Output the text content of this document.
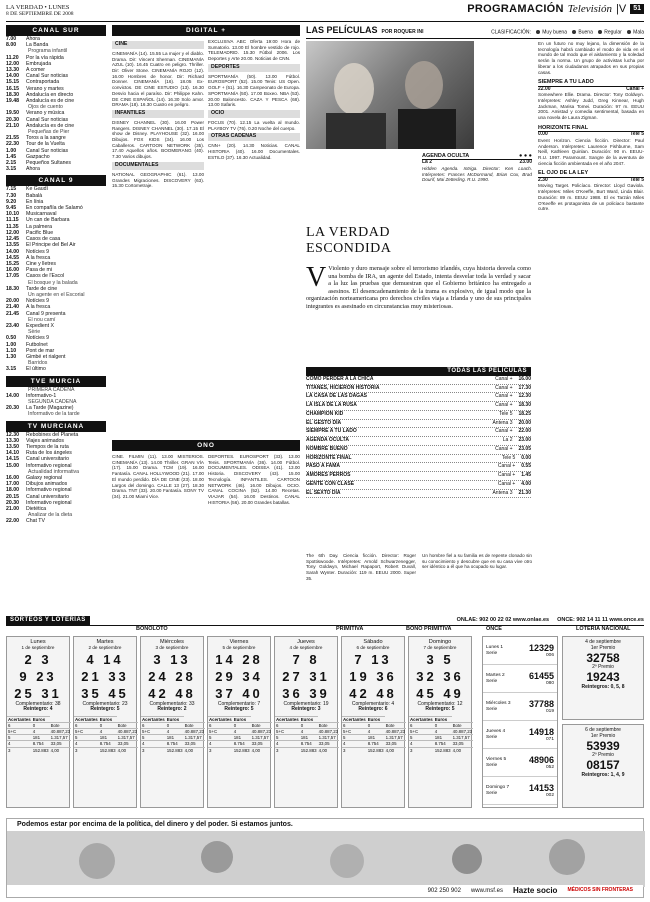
LA VERDAD • LUNES
8 DE SEPTIEMBRE DE 2008	PROGRAMACIÓN Televisión |V	51
CANAL SUR
7.00 Ahora
8.00 La Banda
Programa infantil
11.20 Por la vía rápida
12.00 Embrujada
13.30 A comer
14.00 Canal Sur noticias
15.15 Contraportada
16.15 Verano y martes
18.30 Andalucía en directo
19.48 Andalucía es de cine
Ojos de cuento
19.50 Verano y música
20.30 Canal Sur noticias
21.10 Andalucía es de cine
Pequeñas de Pier
21.55 Toros a la sangre
22.30 Tour de la Vuelta
1.00 Canal Sur noticias
1.45 Gazpacho
2.15 Pequeños Sultanes
3.15 Ahora
CANAL 9
7.15 Ke Gaudí
7.30 Babalà
9.20 En línia
9.45 En compañía de Salamó
10.10 Musicarnaval
11.15 Un can de Barbara
11.35 La palmera
12.00 Pacific Blue
12.45 Casos de casa
13.55 El Principe del Bel Air
14.00 Notícies 9
14.55 A la fresca
15.25 Cine y lletres
16.00 Pasa de mi
17.05 Casos de l'Escol
El bosque y la balada
18.30 Tarde de cine
Un agente en el Escorial
20.00 Notícies 9
21.40 A la fresca
21.45 Canal 9 presenta
El nou camí
23.40 Expedient X
Sèrie
0.50 Notícies 9
1.00 Futbolnet
1.10 Pont de mar
1.30 Gimbé et rialgent
Barridos
3.15 El último
TVE MURCIA
PRIMERA CADENA
14.00 Informativo-1
SEGUNDA CADENA
20.30 La Tarde (Magazine)
Informativo de la tarde
TV MURCIANA
12.30 Rebobines del Planeta
13.30 Viajes animados
13.50 Tiempos de la ruta
14.10 Ruta de los ángeles
14.15 Canal universitario
15.00 Informativo regional
Actualidad informativa
16.00 Galaxy regional
17.00 Dibujos animados
18.00 Informativo regional
20.15 Canal universitario
20.30 Informativo regional
21.00 Dietética
Analizar de la dieta
22.00 Chat TV
DIGITAL +
CINE
CINEMANÍA (14). 15.55 La mujer y el diablo. Drama. Dir: Vincent Sherman. CINEMANÍA AZUL (10). 16.45 Cuatro en peligro. Thriller. Dir: Oliver Stone. CINEMANÍA ROJO (12). 16.00 Hombres de honor. Dir: Richard Donner. CINEMANÍA (16). 18.05 Ex-convictos. DE CINE ESTUDIO (13). 16.30 Desvio hacia el paraíso. Dir: Philippe Kahn. DE CINE ESPAÑOL (14). 16.30 Solo amor. DRAMA (18). 16.30 Cuatro en peligro.
INFANTILES
DISNEY CHANNEL (30). 16.00 Power Rangers. DISNEY CHANNEL (30). 17.15 El show de Disney. PLAYHOUSE (32). 16.00 Dibujos. FOX KIDS (34). 16.00 Los Caballeros. CARTOON NETWORK (35). 17.40 Aquellos años. BOOMERANG (40). 7.30 Varios dibujos.
DOCUMENTALES
NATIONAL GEOGRAPHIC (61). 13.00 Grandes Migraciones. DISCOVERY (63). 15.30 Cortometraje.
EXCLUSIVA ABC Oferta 19:00 Hora de Sumatorio. 13.00 El hombre vestido de rojo. TELEMADRID. 15.30 Fútbol 2006. Los Deportes y Arte 20.00. Noticias de CNN.
DEPORTES
SPORTMANÍA (50). 13.00 Fútbol. EUROSPORT (52). 15.00 Tenis: US Open. GOLF + (51). 16.30 Campeonato de Europa. SPORTMANÍA (50). 17.00 Boxeo. NBA (53). 20.00 Baloncesto. CAZA Y PESCA (68). 13.00 Safaris.
OCIO
FOCUS (70). 12.15 La vuelta al mundo. PLAYBOY TV (76). 0.20 Noche del cuerpo.
OTRAS CADENAS
CNN+ (20). 14.30 Noticias. CANAL HISTORIA (40). 16.00 Documentales. ESTILO (37). 16.30 Actualidad.
ONO
CINE. FILMIN (11). 13.00 MISTERIOS. CINEMANÍA (13). 14.00 Thriller. GRAN VÍA (17). 15.00 Drama. TCM (19). 16.00 Fantasía. CANAL HOLLYWOOD (21). 17.00 El mundo perdido. DÍA DE CINE (23). 18.00 Largos del domingo. CALLE 13 (27). 18.30 Drama. TNT (33). 20.00 Fantasía. SONY TV (34). 21.00 Miami Vice.
DEPORTES. EUROSPORT (33). 13.00 Tenis. SPORTMANÍA (36). 14.00 Fútbol. DOCUMENTALES. ODISEA (41). 13.00 Historia. DISCOVERY (43). 15.00 Tecnología. INFANTILES. CARTOON NETWORK (46). 16.00 Dibujos. OCIO. CANAL COCINA (52). 14.00 Recetas. VIAJAR (54). 16.00 Destinos. CANAL HISTORIA (56). 20.00 Grandes batallas.
LAS PELÍCULAS POR ROQUER INI	CLASIFICACIÓN: Muy buena Buena Regular Mala
AGENDA OCULTA	● ● ●
La 2	23.00
Hidden Agenda. Intriga. Director: Ken Loach. Intérpretes: Frances McDormand, Brian Cox, Brad Dourif, Mai Zetterling. R.U. 1990.
LA VERDAD ESCONDIDA
V Violento y duro mensaje sobre el terrorismo irlandés, cuya historia desvela como una bomba de IRA, un agente del Estado, intenta desvelar toda la verdad y sacar a la luz las pruebas que demuestran que el Gobierno británico ha entregado a asesinos. El desencadenamiento de la trama es explosivo, de igual modo que la organización norteamericana pro derechos civiles viaja a Irlanda y uno de sus principales integrantes es asesinado en circunstancias muy misteriosas.
En un futuro no muy lejano, la dimensión de la tecnología habrá cambiado el modo de vida en el mundo de tal modo que el aislamiento y la soledad serán la norma. Un grupo de activistas lucha por liberar a los ciudadanos atrapados en sus propias casas.
SIEMPRE A TU LADO
22.00	Canal +
Somewhere Ellie. Drama. Director: Tony Goldwyn. Intérpretes: Ashley Judd, Greg Kinnear, Hugh Jackman, Marisa Tomei. Duración: 97 m. EEUU 2001. Amistad y comedia sentimental, basada en una novela de Laura Zigman.
HORIZONTE FINAL
0.00	Tele 5
Event Horizon. Ciencia ficción. Director: Paul Anderson. Intérpretes: Laurence Fishburne, Sam Neill, Kathleen Quinlan. Duración: 90 m. EEUU-R.U. 1997. Paramount. Sangre de la aventura de ciencia ficción ambientada en el año 2047.
EL OJO DE LA LEY
2.30	Tele 5
Moving Target. Policíaco. Director: Lloyd Gaviola. Intérpretes: Miles O'Keeffe, Burt Ward, Linda Blair. Duración: 89 m. EEUU 1988. El ex Tarzán Miles O'Keeffe es protagonista de un policiaco bastante cutre.
TODAS LAS PELÍCULAS
CÓMO PERDER A LA CHICA	Canal + 16.00
TITANES, HICIERON HISTORIA	Canal + 17.30
LA CASA DE LAS DAGAS	Canal + 12.30
LA ISLA DE LA RUSA	Canal + 18.30
CHAMPION KID	Tele 5 18.25
EL GESTO DÍA	Antena 3 20.00
SIEMPRE A TU LADO	Canal + 22.00
AGENDA OCULTA	La 2 23.00
NOMBRE BUENO	Canal + 23.05
HORIZONTE FINAL	Tele 5 0.00
PASO A FAMA	Canal + 0.55
AMORES PERROS	Canal + 1.45
GENTE CON CLASE	Canal + 4.00
EL SEXTO DÍA	Antena 3 21.30
The 6th Day. Ciencia ficción. Director: Roger Spottiswoode. Intérpretes: Arnold Schwarzenegger, Tony Goldwyn, Michael Rapaport, Robert Duvall, Sarah Wynter. Duración: 119 m. EEUU 2000. Super 35.
Un hombre fiel a su familia es de repente clonado sin su conocimiento y descubre que en su casa vive otro ser idéntico a él que ha ocupado su lugar.
SORTEOS Y LOTERÍAS	ONLAE: 902 00 22 02 www.onlae.es ONCE: 902 14 11 11 www.once.es
BONOLOTO	PRIMITIVA	BONO PRIMITIVA	ONCE	LOTERÍA NACIONAL
Lunes
1 de septiembre
2 3
9 23
25 31
Complementario: 38
Reintegro: 4
Acertantes	Euros	
6	0	Bote
5+C	4	40.887,23
5	181	1.317,57
4	8.754	33,05
3	152.883	4,00
Martes
2 de septiembre
4 14
21 33
35 45
Complementario: 23
Reintegro: 5
Acertantes	Euros	
6	0	Bote
5+C	4	40.887,23
5	181	1.317,57
4	8.754	33,05
3	152.883	4,00
Miércoles
3 de septiembre
3 13
24 28
42 48
Complementario: 33
Reintegro: 2
Acertantes	Euros	
6	0	Bote
5+C	4	40.887,23
5	181	1.317,57
4	8.754	33,05
3	152.883	4,00
Viernes
5 de septiembre
14 28
29 34
37 40
Complementario: 7
Reintegro: 5
Acertantes	Euros	
6	0	Bote
5+C	4	40.887,23
5	181	1.317,57
4	8.754	33,05
3	152.883	4,00
Jueves
4 de septiembre
7 8
27 31
36 39
Complementario: 19
Reintegro: 3
Acertantes	Euros	
6	0	Bote
5+C	4	40.887,23
5	181	1.317,57
4	8.754	33,05
3	152.883	4,00
Sábado
6 de septiembre
7 13
19 36
42 48
Complementario: 4
Reintegro: 6
Acertantes	Euros	
6	0	Bote
5+C	4	40.887,23
5	181	1.317,57
4	8.754	33,05
3	152.883	4,00
Domingo
7 de septiembre
3 5
32 36
45 49
Complementario: 12
Reintegro: 5
Acertantes	Euros	
6	0	Bote
5+C	4	40.887,23
5	181	1.317,57
4	8.754	33,05
3	152.883	4,00
Lunes 1
Serie
12329
006
Martes 2
Serie
61455
080
Miércoles 3
Serie
37788
019
Jueves 4
Serie
14918
071
Viernes 5
Serie
48906
052
Domingo 7
Serie
14153
002
4 de septiembre
1er Premio
32758
2º Premio
19243
Reintegros: 0, 5, 8
6 de septiembre
1er Premio
53939
2º Premio
08157
Reintegros: 1, 4, 9
Podemos estar por encima de la política, del dinero y del poder. Si estamos juntos.
902 250 902 www.msf.es Hazte socio MÉDICOS SIN FRONTERAS
